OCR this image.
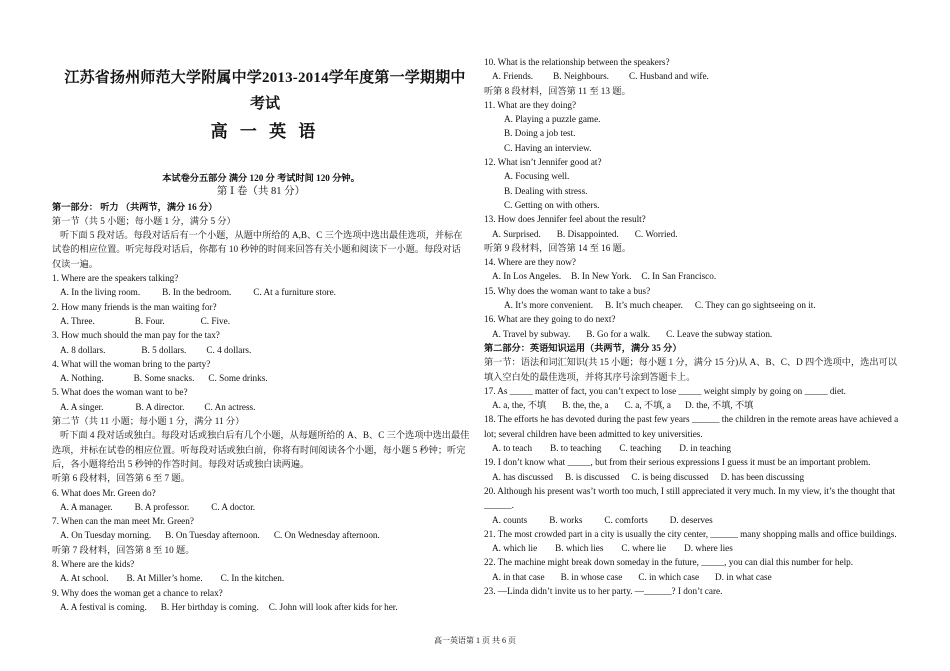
江苏省扬州师范大学附属中学2013-2014学年度第一学期期中
考试
高 一 英 语
本试卷分五部分 满分 120 分 考试时间 120 分钟。
第 Ⅰ 卷（共 81 分）
第一部分： 听力 （共两节，满分 16 分）
第一节（共 5 小题；每小题 1 分，满分 5 分）
听下面 5 段对话。每段对话后有一个小题，从题中所给的 A,B、C 三个选项中选出最佳选项，并标在试卷的相应位置。听完每段对话后，你都有 10 秒钟的时间来回答有关小题和阅读下一小题。每段对话仅读一遍。
1. Where are the speakers talking?
A. In the living room. B. In the bedroom. C. At a furniture store.
2. How many friends is the man waiting for?
A. Three.	B. Four.	C. Five.
3. How much should the man pay for the tax?
A. 8 dollars.	B. 5 dollars. C. 4 dollars.
4. What will the woman bring to the party?
A. Nothing.	B. Some snacks. C. Some drinks.
5. What does the woman want to be?
A. A singer.	B. A director. C. An actress.
第二节（共 11 小题；每小题 1 分，满分 11 分）
听下面 4 段对话或独白。每段对话或独白后有几个小题，从每题所给的 A、B、C 三个选项中选出最佳选项，并标在试卷的相应位置。听每段对话或独白前，你将有时间阅读各个小题，每小题 5 秒钟；听完后，各小题将给出 5 秒钟的作答时间。每段对话或独白读两遍。
听第 6 段材料，回答第 6 至 7 题。
6. What does Mr. Green do?
A. A manager. B. A professor. C. A doctor.
7. When can the man meet Mr. Green?
A. On Tuesday morning. B. On Tuesday afternoon. C. On Wednesday afternoon.
听第 7 段材料，回答第 8 至 10 题。
8. Where are the kids?
A. At school. B. At Miller’s home. C. In the kitchen.
9. Why does the woman get a chance to relax?
A. A festival is coming. B. Her birthday is coming. C. John will look after kids for her.
10. What is the relationship between the speakers?
A. Friends. B. Neighbours. C. Husband and wife.
听第 8 段材料，回答第 11 至 13 题。
11. What are they doing?
A. Playing a puzzle game.
B. Doing a job test.
C. Having an interview.
12. What isn’t Jennifer good at?
A. Focusing well.
B. Dealing with stress.
C. Getting on with others.
13. How does Jennifer feel about the result?
A. Surprised. B. Disappointed. C. Worried.
听第 9 段材料，回答第 14 至 16 题。
14. Where are they now?
A. In Los Angeles. B. In New York. C. In San Francisco.
15. Why does the woman want to take a bus?
A. It’s more convenient. B. It’s much cheaper. C. They can go sightseeing on it.
16. What are they going to do next?
A. Travel by subway. B. Go for a walk. C. Leave the subway station.
第二部分：英语知识运用（共两节，满分 35 分）
第一节：语法和词汇知识(共 15 小题；每小题 1 分，满分 15 分)从 A、B、C、D 四个选项中，选出可以填入空白处的最佳选项，并将其序号涂到答题卡上。
17. As _____ matter of fact, you can’t expect to lose _____ weight simply by going on _____ diet.
A. a, the, 不填 B. the, the, a C. a, 不填, a D. the, 不填, 不填
18. The efforts he has devoted during the past few years ______ the children in the remote areas have achieved a lot; several children have been admitted to key universities.
A. to teach B. to teaching C. teaching D. in teaching
19. I don’t know what _____, but from their serious expressions I guess it must be an important problem.
A. has discussed B. is discussed C. is being discussed D. has been discussing
20. Although his present was’t worth too much, I still appreciated it very much. In my view, it’s the thought that ______.
A. counts B. works C. comforts D. deserves
21. The most crowded part in a city is usually the city center, ______ many shopping malls and office buildings.
A. which lie B. which lies C. where lie D. where lies
22. The machine might break down someday in the future, _____, you can dial this number for help.
A. in that case B. in whose case C. in which case D. in what case
23. —Linda didn’t invite us to her party. —______? I don’t care.
高一英语第 1 页 共 6 页
